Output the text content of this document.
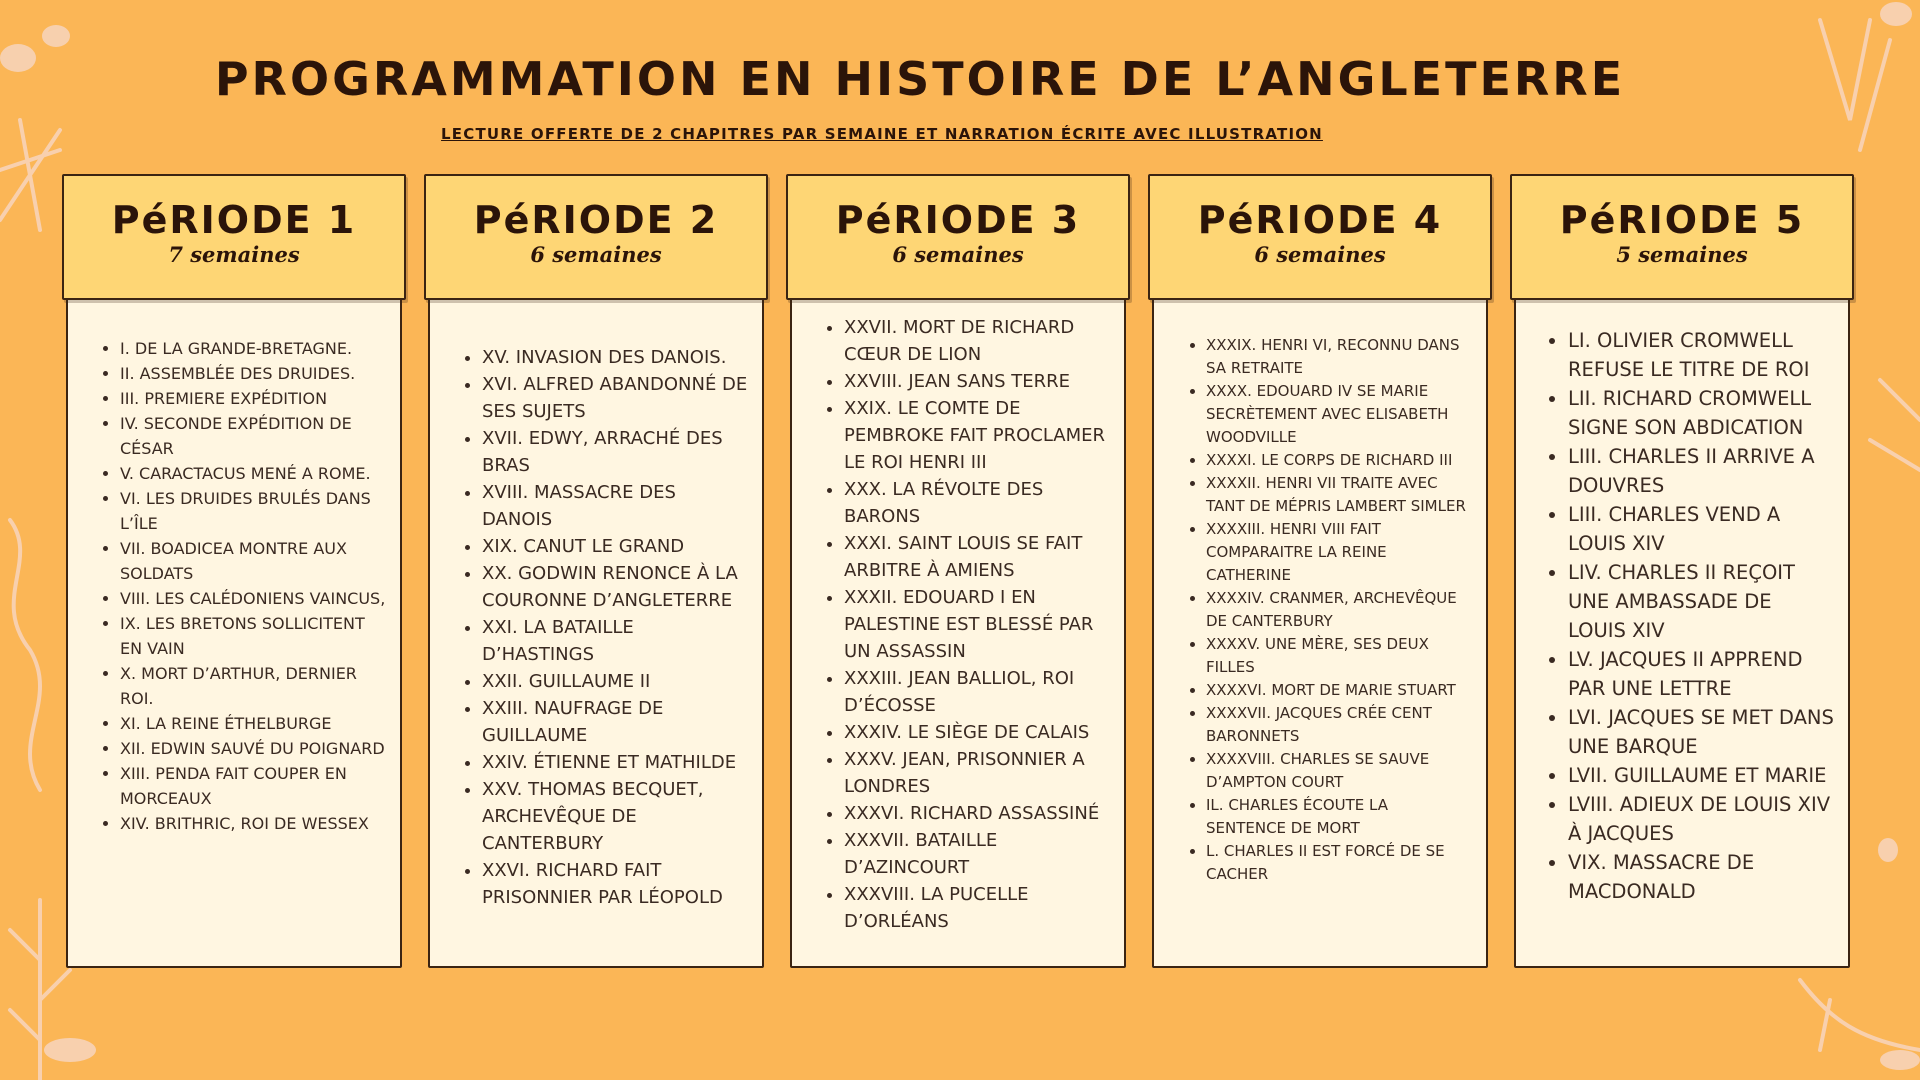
PROGRAMMATION EN HISTOIRE DE L’ANGLETERRE
LECTURE OFFERTE DE 2 CHAPITRES PAR SEMAINE ET NARRATION ÉCRITE AVEC ILLUSTRATION
PéRIODE 1
7 semaines
• I. DE LA GRANDE-BRETAGNE.
• II. ASSEMBLÉE DES DRUIDES.
• III. PREMIERE EXPÉDITION
• IV. SECONDE EXPÉDITION DE CÉSAR
• V. CARACTACUS MENÉ A ROME.
• VI. LES DRUIDES BRULÉS DANS L’ÎLE
• VII. BOADICEA MONTRE AUX SOLDATS
• VIII. LES CALÉDONIENS VAINCUS,
• IX. LES BRETONS SOLLICITENT EN VAIN
• X. MORT D’ARTHUR, DERNIER ROI.
• XI. LA REINE ÉTHELBURGE
• XII. EDWIN SAUVÉ DU POIGNARD
• XIII. PENDA FAIT COUPER EN MORCEAUX
• XIV. BRITHRIC, ROI DE WESSEX
PéRIODE 2
6 semaines
• XV. INVASION DES DANOIS.
• XVI. ALFRED ABANDONNÉ DE SES SUJETS
• XVII. EDWY, ARRACHÉ DES BRAS
• XVIII. MASSACRE DES DANOIS
• XIX. CANUT LE GRAND
• XX. GODWIN RENONCE À LA COURONNE D’ANGLETERRE
• XXI. LA BATAILLE D’HASTINGS
• XXII. GUILLAUME II
• XXIII. NAUFRAGE DE GUILLAUME
• XXIV. ÉTIENNE ET MATHILDE
• XXV. THOMAS BECQUET, ARCHEVÊQUE DE CANTERBURY
• XXVI. RICHARD FAIT PRISONNIER PAR LÉOPOLD
PéRIODE 3
6 semaines
• XXVII. MORT DE RICHARD CŒUR DE LION
• XXVIII. JEAN SANS TERRE
• XXIX. LE COMTE DE PEMBROKE FAIT PROCLAMER LE ROI HENRI III
• XXX. LA RÉVOLTE DES BARONS
• XXXI. SAINT LOUIS SE FAIT ARBITRE À AMIENS
• XXXII. EDOUARD I EN PALESTINE EST BLESSÉ PAR UN ASSASSIN
• XXXIII. JEAN BALLIOL, ROI D’ÉCOSSE
• XXXIV. LE SIÈGE DE CALAIS
• XXXV. JEAN, PRISONNIER A LONDRES
• XXXVI. RICHARD ASSASSINÉ
• XXXVII. BATAILLE D’AZINCOURT
• XXXVIII. LA PUCELLE D’ORLÉANS
PéRIODE 4
6 semaines
• XXXIX. HENRI VI, RECONNU DANS SA RETRAITE
• XXXX. EDOUARD IV SE MARIE SECRÈTEMENT AVEC ELISABETH WOODVILLE
• XXXXI. LE CORPS DE RICHARD III
• XXXXII. HENRI VII TRAITE AVEC TANT DE MÉPRIS LAMBERT SIMLER
• XXXXIII. HENRI VIII FAIT COMPARAITRE LA REINE CATHERINE
• XXXXIV. CRANMER, ARCHEVÊQUE DE CANTERBURY
• XXXXV. UNE MÈRE, SES DEUX FILLES
• XXXXVI. MORT DE MARIE STUART
• XXXXVII. JACQUES CRÉE CENT BARONNETS
• XXXXVIII. CHARLES SE SAUVE D’AMPTON COURT
• IL. CHARLES ÉCOUTE LA SENTENCE DE MORT
• L. CHARLES II EST FORCÉ DE SE CACHER
PéRIODE 5
5 semaines
• LI. OLIVIER CROMWELL REFUSE LE TITRE DE ROI
• LII. RICHARD CROMWELL SIGNE SON ABDICATION
• LIII. CHARLES II ARRIVE A DOUVRES
• LIII. CHARLES VEND A LOUIS XIV
• LIV. CHARLES II REÇOIT UNE AMBASSADE DE LOUIS XIV
• LV. JACQUES II APPREND PAR UNE LETTRE
• LVI. JACQUES SE MET DANS UNE BARQUE
• LVII. GUILLAUME ET MARIE
• LVIII. ADIEUX DE LOUIS XIV À JACQUES
• VIX. MASSACRE DE MACDONALD
